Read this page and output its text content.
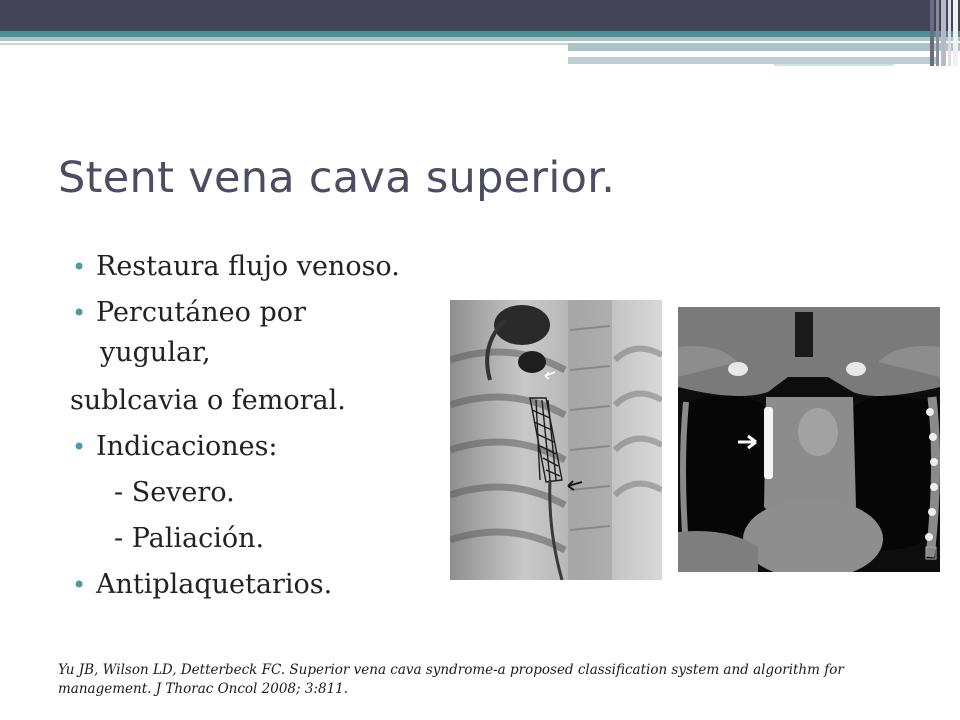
Stent vena cava superior.
• Restaura flujo venoso.
• Percutáneo por
yugular,
sublcavia o femoral.
• Indicaciones:
- Severo.
- Paliación.
• Antiplaquetarios.
Yu JB, Wilson LD, Detterbeck FC. Superior vena cava syndrome-a proposed classification system and algorithm for management. J Thorac Oncol 2008; 3:811.
